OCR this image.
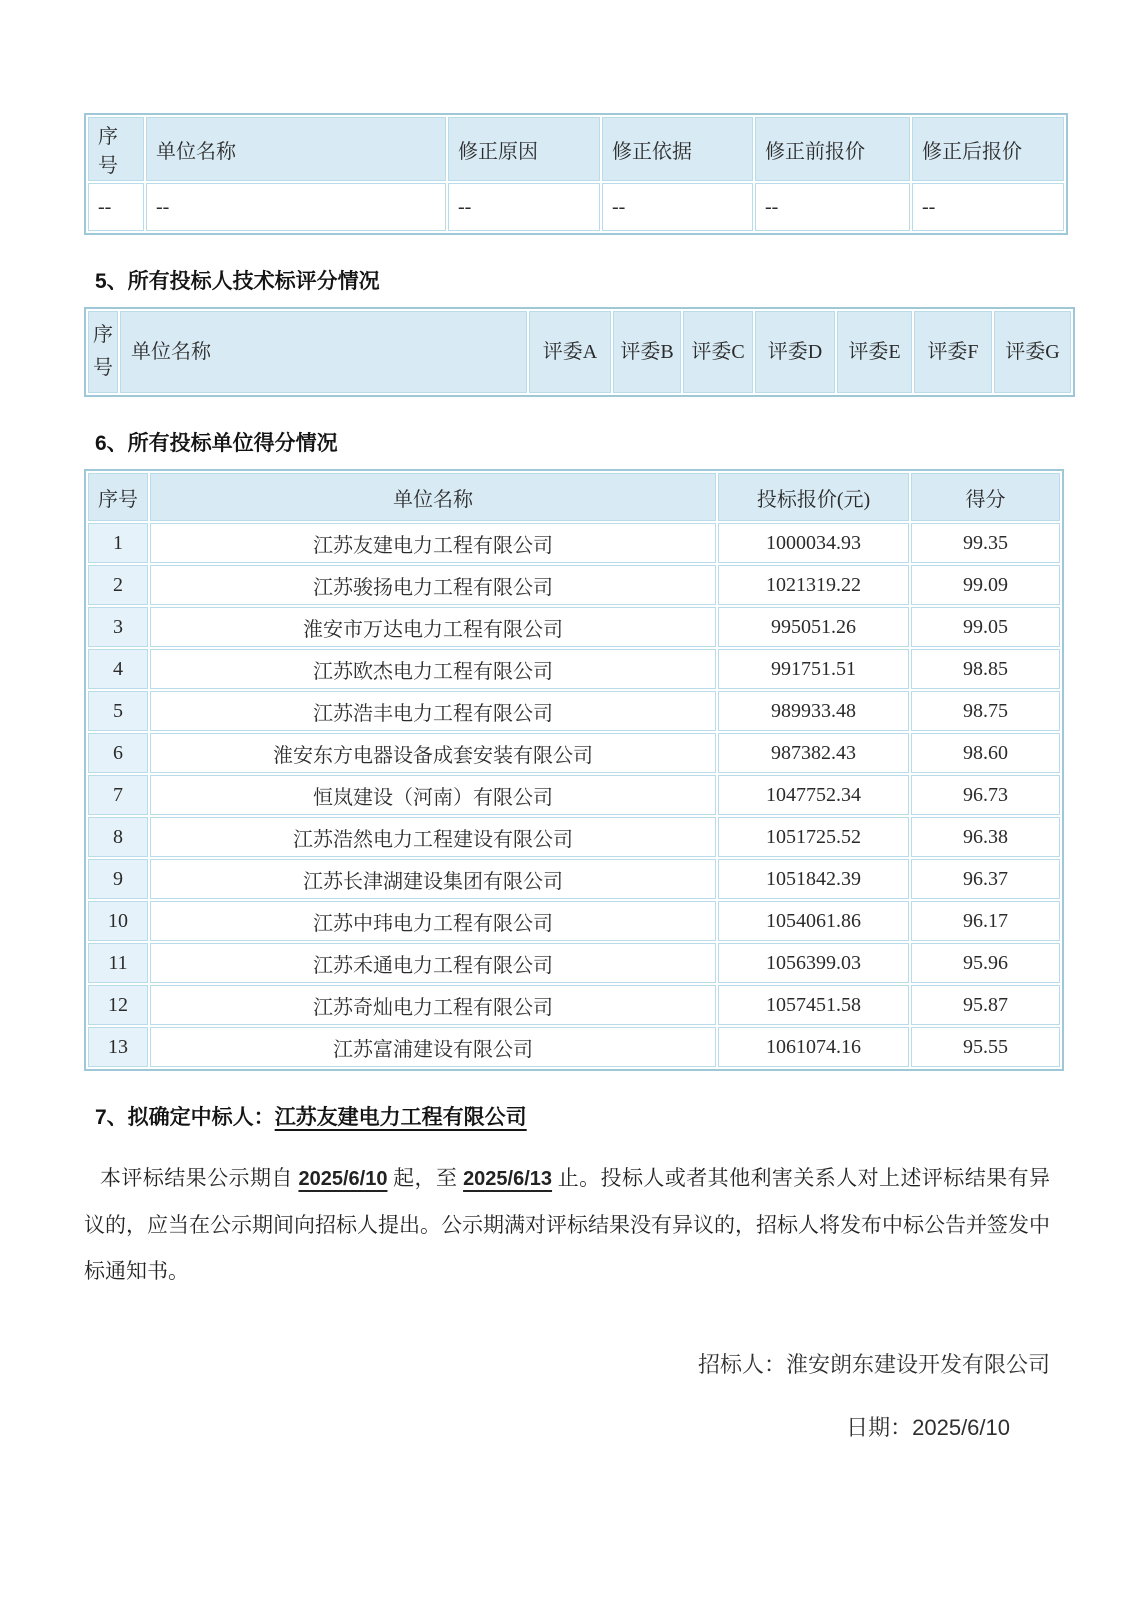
序号	单位名称	修正原因	修正依据	修正前报价	修正后报价
--	--	--	--	--	--
5、所有投标人技术标评分情况
序号	单位名称	评委A	评委B	评委C	评委D	评委E	评委F	评委G
6、所有投标单位得分情况
序号	单位名称	投标报价(元)	得分
1	江苏友建电力工程有限公司	1000034.93	99.35
2	江苏骏扬电力工程有限公司	1021319.22	99.09
3	淮安市万达电力工程有限公司	995051.26	99.05
4	江苏欧杰电力工程有限公司	991751.51	98.85
5	江苏浩丰电力工程有限公司	989933.48	98.75
6	淮安东方电器设备成套安装有限公司	987382.43	98.60
7	恒岚建设（河南）有限公司	1047752.34	96.73
8	江苏浩然电力工程建设有限公司	1051725.52	96.38
9	江苏长津湖建设集团有限公司	1051842.39	96.37
10	江苏中玮电力工程有限公司	1054061.86	96.17
11	江苏禾通电力工程有限公司	1056399.03	95.96
12	江苏奇灿电力工程有限公司	1057451.58	95.87
13	江苏富浦建设有限公司	1061074.16	95.55
7、拟确定中标人：江苏友建电力工程有限公司

本评标结果公示期自 2025/6/10 起，至 2025/6/13 止。投标人或者其他利害关系人对上述评标结果有异议的，应当在公示期间向招标人提出。公示期满对评标结果没有异议的，招标人将发布中标公告并签发中标通知书。

招标人：淮安朗东建设开发有限公司
日期：2025/6/10
